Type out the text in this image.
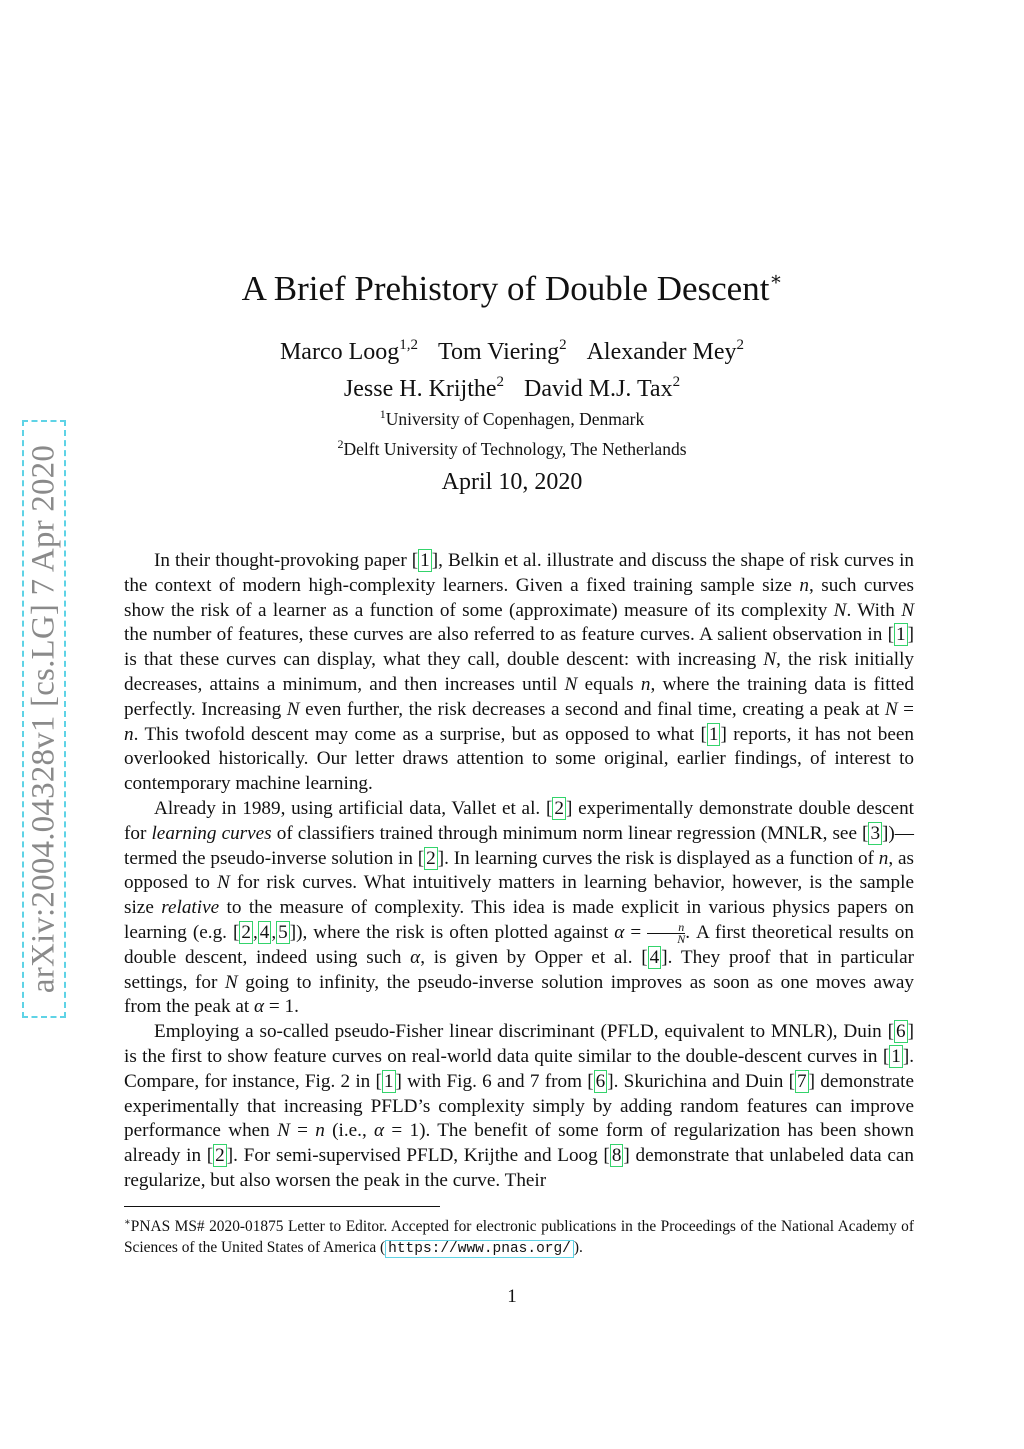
arXiv:2004.04328v1 [cs.LG] 7 Apr 2020
A Brief Prehistory of Double Descent∗
Marco Loog$^{1,2}$ Tom Viering$^2$ Alexander Mey$^2$
Jesse H. Krijthe$^2$ David M.J. Tax$^2$
$^1$University of Copenhagen, Denmark
$^2$Delft University of Technology, The Netherlands
April 10, 2020

In their thought-provoking paper [ 1 ], Belkin et al. illustrate and discuss the shape of risk curves in the context of modern high-complexity learners. Given a fixed training sample size n, such curves show the risk of a learner as a function of some (approximate) measure of its complexity N. With N the number of features, these curves are also referred to as feature curves. A salient observation in [ 1 ] is that these curves can display, what they call, double descent: with increasing N, the risk initially decreases, attains a minimum, and then increases until N equals n, where the training data is fitted perfectly. Increasing N even further, the risk decreases a second and final time, creating a peak at N = n. This twofold descent may come as a surprise, but as opposed to what [ 1 ] reports, it has not been overlooked historically. Our letter draws attention to some original, earlier findings, of interest to contemporary machine learning.

Already in 1989, using artificial data, Vallet et al. [ 2 ] experimentally demonstrate double descent for learning curves of classifiers trained through minimum norm linear regression (MNLR, see [ 3 ])—termed the pseudo-inverse solution in [ 2 ]. In learning curves the risk is displayed as a function of n, as opposed to N for risk curves. What intuitively matters in learning behavior, however, is the sample size relative to the measure of complexity. This idea is made explicit in various physics papers on learning (e.g. [ 2 , 4 , 5 ]), where the risk is often plotted against $\alpha = \frac{n}{N}$ . A first theoretical results on double descent, indeed using such α, is given by Opper et al. [ 4 ]. They proof that in particular settings, for N going to infinity, the pseudo-inverse solution improves as soon as one moves away from the peak at α = 1.

Employing a so-called pseudo-Fisher linear discriminant (PFLD, equivalent to MNLR), Duin [ 6 ] is the first to show feature curves on real-world data quite similar to the double-descent curves in [ 1 ]. Compare, for instance, Fig. 2 in [ 1 ] with Fig. 6 and 7 from [ 6 ]. Skurichina and Duin [ 7 ] demonstrate experimentally that increasing PFLD’s complexity simply by adding random features can improve performance when N = n (i.e., α = 1). The benefit of some form of regularization has been shown already in [ 2 ]. For semi-supervised PFLD, Krijthe and Loog [ 8 ] demonstrate that unlabeled data can regularize, but also worsen the peak in the curve. Their

∗PNAS MS# 2020-01875 Letter to Editor. Accepted for electronic publications in the Proceedings of the National Academy of Sciences of the United States of America ( https://www.pnas.org/ ).
1
